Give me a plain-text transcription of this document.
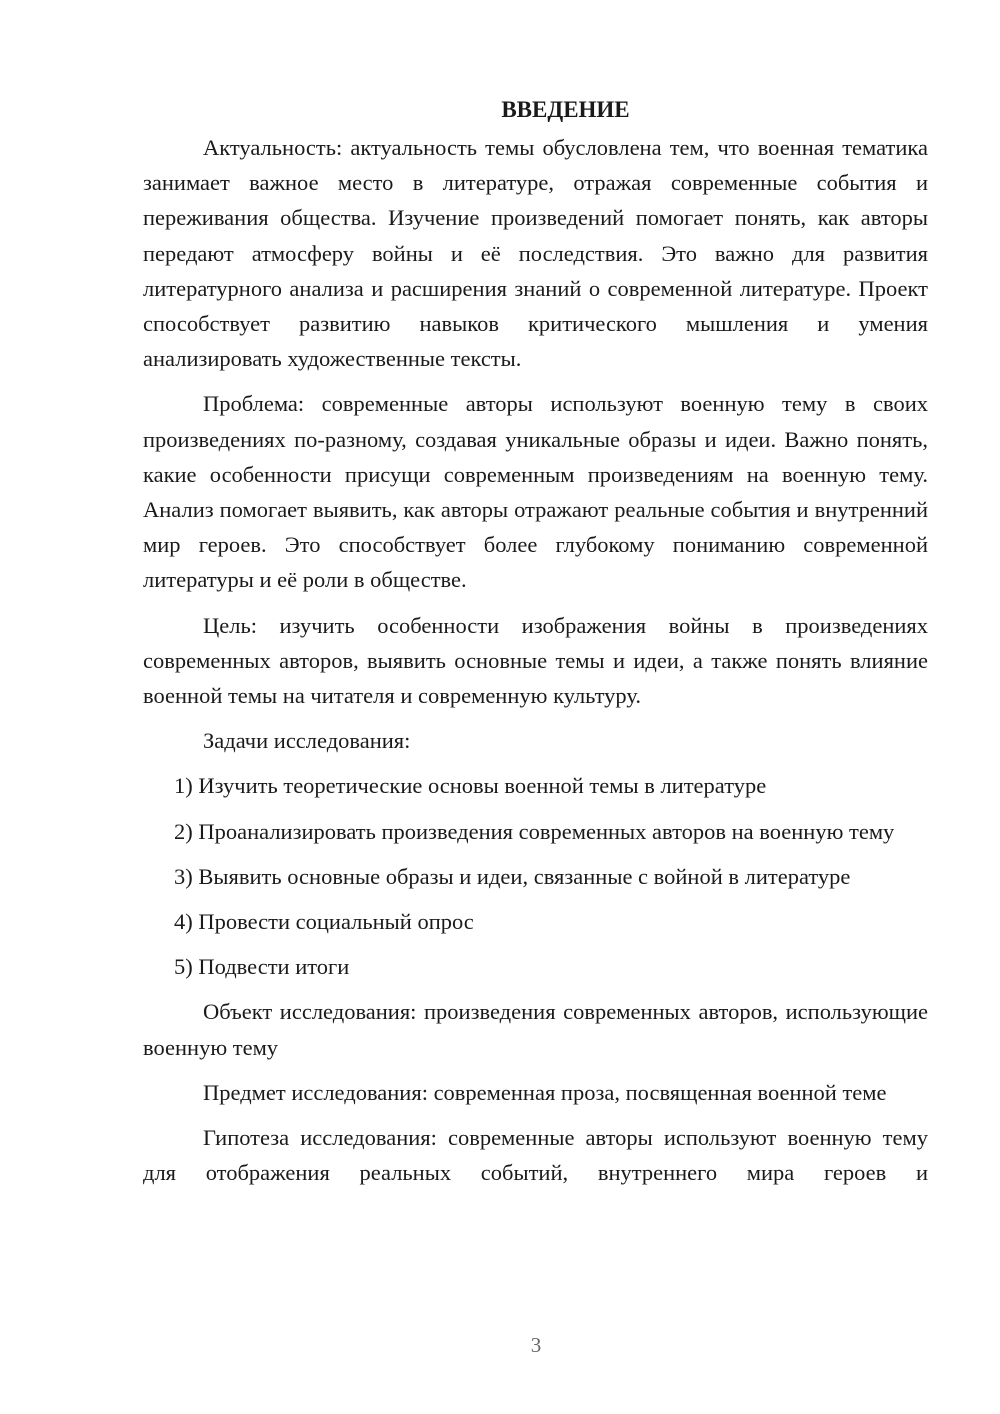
ВВЕДЕНИЕ

Актуальность: актуальность темы обусловлена тем, что военная тематика занимает важное место в литературе, отражая современные события и переживания общества. Изучение произведений помогает понять, как авторы передают атмосферу войны и её последствия. Это важно для развития литературного анализа и расширения знаний о современной литературе. Проект способствует развитию навыков критического мышления и умения анализировать художественные тексты.

Проблема: современные авторы используют военную тему в своих произведениях по-разному, создавая уникальные образы и идеи. Важно понять, какие особенности присущи современным произведениям на военную тему. Анализ помогает выявить, как авторы отражают реальные события и внутренний мир героев. Это способствует более глубокому пониманию современной литературы и её роли в обществе.

Цель: изучить особенности изображения войны в произведениях современных авторов, выявить основные темы и идеи, а также понять влияние военной темы на читателя и современную культуру.

Задачи исследования:

1) Изучить теоретические основы военной темы в литературе

2) Проанализировать произведения современных авторов на военную тему

3) Выявить основные образы и идеи, связанные с войной в литературе

4) Провести социальный опрос

5) Подвести итоги

Объект исследования: произведения современных авторов, использующие военную тему

Предмет исследования: современная проза, посвященная военной теме

Гипотеза исследования: современные авторы используют военную тему для отображения реальных событий, внутреннего мира героев и

3
